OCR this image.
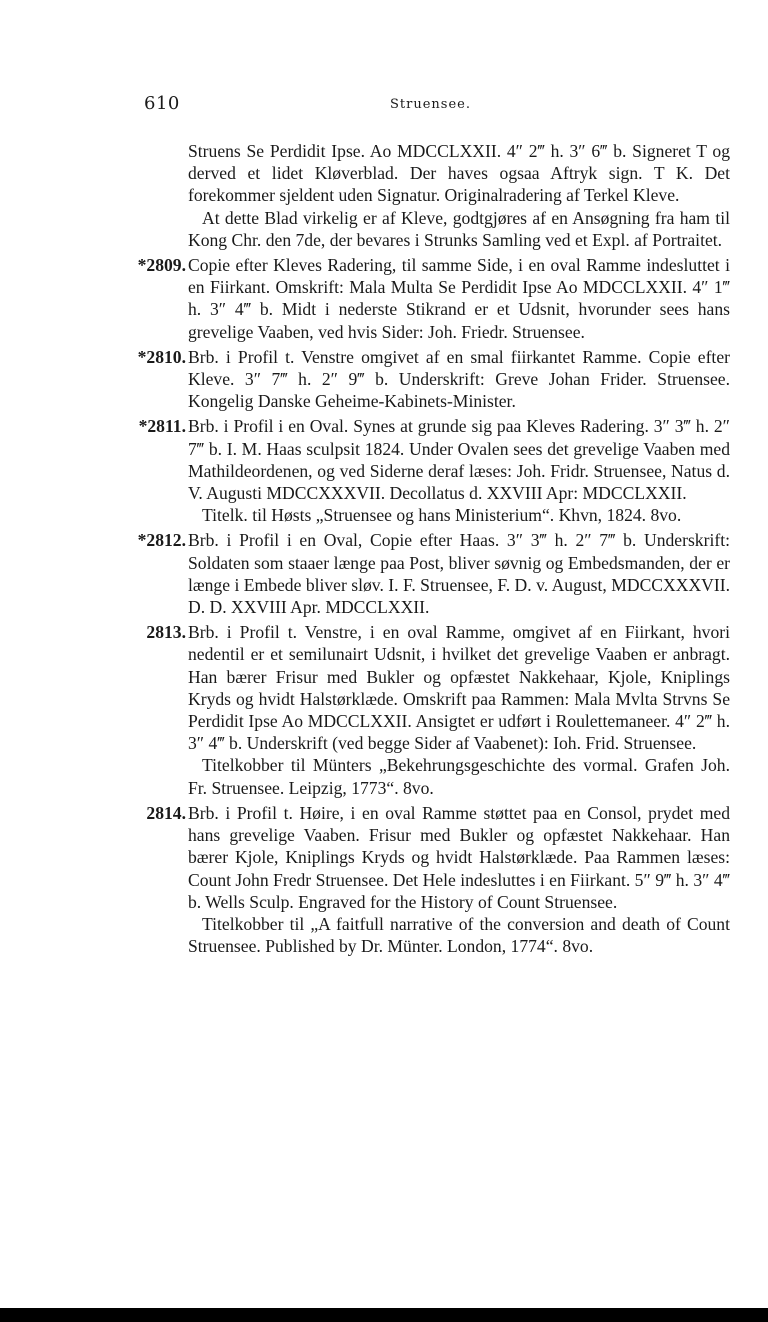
610	Struensee.
Struens Se Perdidit Ipse. Ao MDCCLXXII. 4″ 2‴ h. 3″ 6‴ b. Signeret T og derved et lidet Kløverblad. Der haves ogsaa Aftryk sign. T K. Det forekommer sjeldent uden Signatur. Originalradering af Terkel Kleve.
At dette Blad virkelig er af Kleve, godtgjøres af en Ansøgning fra ham til Kong Chr. den 7de, der bevares i Strunks Samling ved et Expl. af Portraitet.
*2809. Copie efter Kleves Radering, til samme Side, i en oval Ramme indesluttet i en Fiirkant. Omskrift: Mala Multa Se Perdidit Ipse Ao MDCCLXXII. 4″ 1‴ h. 3″ 4‴ b. Midt i nederste Stikrand er et Udsnit, hvorunder sees hans grevelige Vaaben, ved hvis Sider: Joh. Friedr. Struensee.
*2810. Brb. i Profil t. Venstre omgivet af en smal fiirkantet Ramme. Copie efter Kleve. 3″ 7‴ h. 2″ 9‴ b. Underskrift: Greve Johan Frider. Struensee. Kongelig Danske Geheime-Kabinets-Minister.
*2811. Brb. i Profil i en Oval. Synes at grunde sig paa Kleves Radering. 3″ 3‴ h. 2″ 7‴ b. I. M. Haas sculpsit 1824. Under Ovalen sees det grevelige Vaaben med Mathildeordenen, og ved Siderne deraf læses: Joh. Fridr. Struensee, Natus d. V. Augusti MDCCXXXVII. Decollatus d. XXVIII Apr: MDCCLXXII.
Titelk. til Høsts „Struensee og hans Ministerium“. Khvn, 1824. 8vo.
*2812. Brb. i Profil i en Oval, Copie efter Haas. 3″ 3‴ h. 2″ 7‴ b. Underskrift: Soldaten som staaer længe paa Post, bliver søvnig og Embedsmanden, der er længe i Embede bliver sløv. I. F. Struensee, F. D. v. August, MDCCXXXVII. D. D. XXVIII Apr. MDCCLXXII.
2813. Brb. i Profil t. Venstre, i en oval Ramme, omgivet af en Fiirkant, hvori nedentil er et semilunairt Udsnit, i hvilket det grevelige Vaaben er anbragt. Han bærer Frisur med Bukler og opfæstet Nakkehaar, Kjole, Kniplings Kryds og hvidt Halstørklæde. Omskrift paa Rammen: Mala Mvlta Strvns Se Perdidit Ipse Ao MDCCLXXII. Ansigtet er udført i Roulettemaneer. 4″ 2‴ h. 3″ 4‴ b. Underskrift (ved begge Sider af Vaabenet): Ioh. Frid. Struensee.
Titelkobber til Münters „Bekehrungsgeschichte des vormal. Grafen Joh. Fr. Struensee. Leipzig, 1773“. 8vo.
2814. Brb. i Profil t. Høire, i en oval Ramme støttet paa en Consol, prydet med hans grevelige Vaaben. Frisur med Bukler og opfæstet Nakkehaar. Han bærer Kjole, Kniplings Kryds og hvidt Halstørklæde. Paa Rammen læses: Count John Fredr Struensee. Det Hele indesluttes i en Fiirkant. 5″ 9‴ h. 3″ 4‴ b. Wells Sculp. Engraved for the History of Count Struensee.
Titelkobber til „A faitfull narrative of the conversion and death of Count Struensee. Published by Dr. Münter. London, 1774“. 8vo.
